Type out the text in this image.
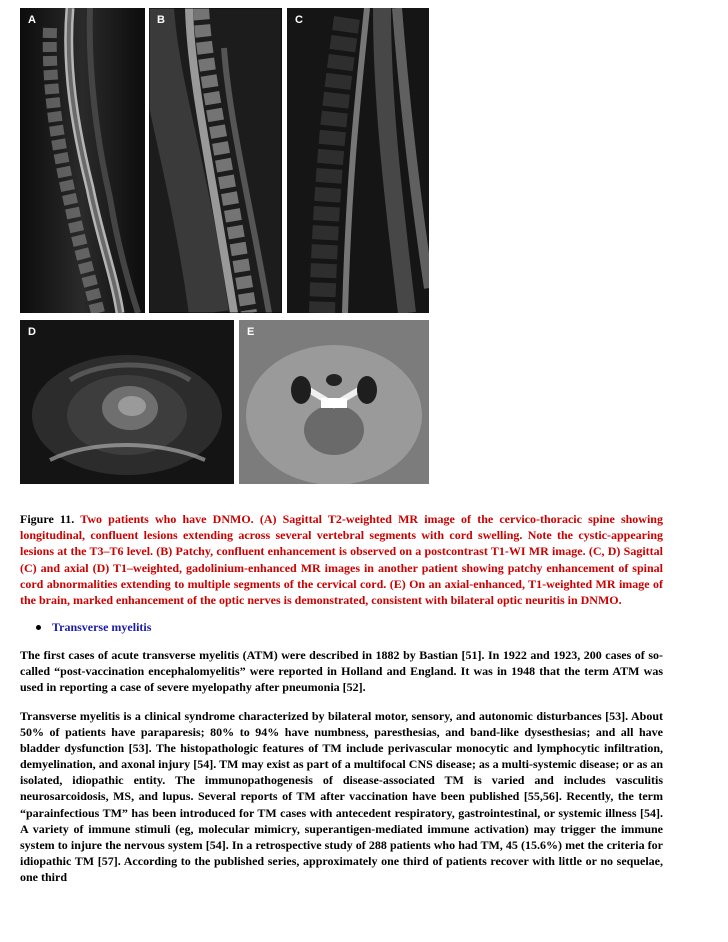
A	B	C
D	E

Figure 11. Two patients who have DNMO. (A) Sagittal T2-weighted MR image of the cervico-thoracic spine showing longitudinal, confluent lesions extending across several vertebral segments with cord swelling. Note the cystic-appearing lesions at the T3–T6 level. (B) Patchy, confluent enhancement is observed on a postcontrast T1-WI MR image. (C, D) Sagittal (C) and axial (D) T1–weighted, gadolinium-enhanced MR images in another patient showing patchy enhancement of spinal cord abnormalities extending to multiple segments of the cervical cord. (E) On an axial-enhanced, T1-weighted MR image of the brain, marked enhancement of the optic nerves is demonstrated, consistent with bilateral optic neuritis in DNMO.

Transverse myelitis

The first cases of acute transverse myelitis (ATM) were described in 1882 by Bastian [51]. In 1922 and 1923, 200 cases of so-called “post-vaccination encephalomyelitis” were reported in Holland and England. It was in 1948 that the term ATM was used in reporting a case of severe myelopathy after pneumonia [52].

Transverse myelitis is a clinical syndrome characterized by bilateral motor, sensory, and autonomic disturbances [53]. About 50% of patients have paraparesis; 80% to 94% have numbness, paresthesias, and band-like dysesthesias; and all have bladder dysfunction [53]. The histopathologic features of TM include perivascular monocytic and lymphocytic infiltration, demyelination, and axonal injury [54]. TM may exist as part of a multifocal CNS disease; as a multi-systemic disease; or as an isolated, idiopathic entity. The immunopathogenesis of disease-associated TM is varied and includes vasculitis neurosarcoidosis, MS, and lupus. Several reports of TM after vaccination have been published [55,56]. Recently, the term “parainfectious TM” has been introduced for TM cases with antecedent respiratory, gastrointestinal, or systemic illness [54]. A variety of immune stimuli (eg, molecular mimicry, superantigen-mediated immune activation) may trigger the immune system to injure the nervous system [54]. In a retrospective study of 288 patients who had TM, 45 (15.6%) met the criteria for idiopathic TM [57]. According to the published series, approximately one third of patients recover with little or no sequelae, one third
